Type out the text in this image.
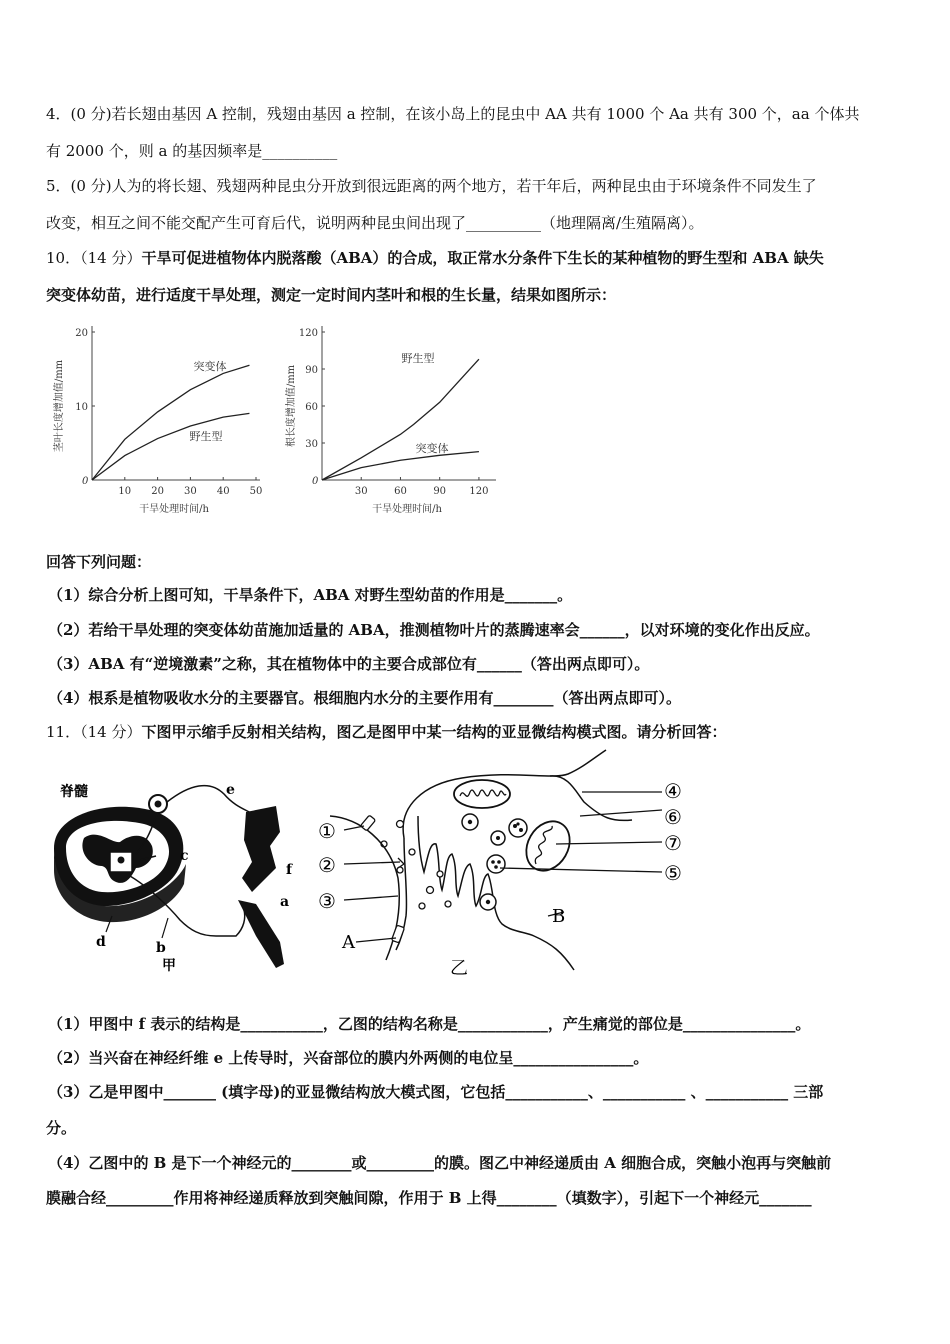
4．(0 分)若长翅由基因 A 控制，残翅由基因 a 控制，在该小岛上的昆虫中 AA 共有 1000 个 Aa 共有 300 个，aa 个体共
有 2000 个，则 a 的基因频率是__________
5．(0 分)人为的将长翅、残翅两种昆虫分开放到很远距离的两个地方，若干年后，两种昆虫由于环境条件不同发生了
改变，相互之间不能交配产生可育后代，说明两种昆虫间出现了__________（地理隔离/生殖隔离）。
10．（14 分）干旱可促进植物体内脱落酸（ABA）的合成，取正常水分条件下生长的某种植物的野生型和 ABA 缺失
突变体幼苗，进行适度干旱处理，测定一定时间内茎叶和根的生长量，结果如图所示：
0
10 20 30 40 50
10
20
干旱处理时间/h
茎叶长度增加值/mm	突变体
野生型
0
30	60	90 120
30
60
90
120
干旱处理时间/h
根长度增加值/mm
野生型
突变体
回答下列问题：
（1）综合分析上图可知，干旱条件下，ABA 对野生型幼苗的作用是_______。
（2）若给干旱处理的突变体幼苗施加适量的 ABA，推测植物叶片的蒸腾速率会______，以对环境的变化作出反应。
（3）ABA 有“逆境激素”之称，其在植物体中的主要合成部位有______（答出两点即可）。
（4）根系是植物吸收水分的主要器官。根细胞内水分的主要作用有________（答出两点即可）。
11．（14 分）下图甲示缩手反射相关结构，图乙是图甲中某一结构的亚显微结构模式图。请分析回答：
脊髓	e
c
f
a
d	b
甲
①
②
③
A
④
⑥
⑦
⑤
B
乙
（1）甲图中 f 表示的结构是___________，乙图的结构名称是____________，产生痛觉的部位是_______________。
（2）当兴奋在神经纤维 e 上传导时，兴奋部位的膜内外两侧的电位呈________________。
（3）乙是甲图中_______ (填字母)的亚显微结构放大模式图，它包括___________、___________ 、___________ 三部
分。
（4）乙图中的 B 是下一个神经元的________或_________的膜。图乙中神经递质由 A 细胞合成，突触小泡再与突触前
膜融合经_________作用将神经递质释放到突触间隙，作用于 B 上得________（填数字），引起下一个神经元_______
